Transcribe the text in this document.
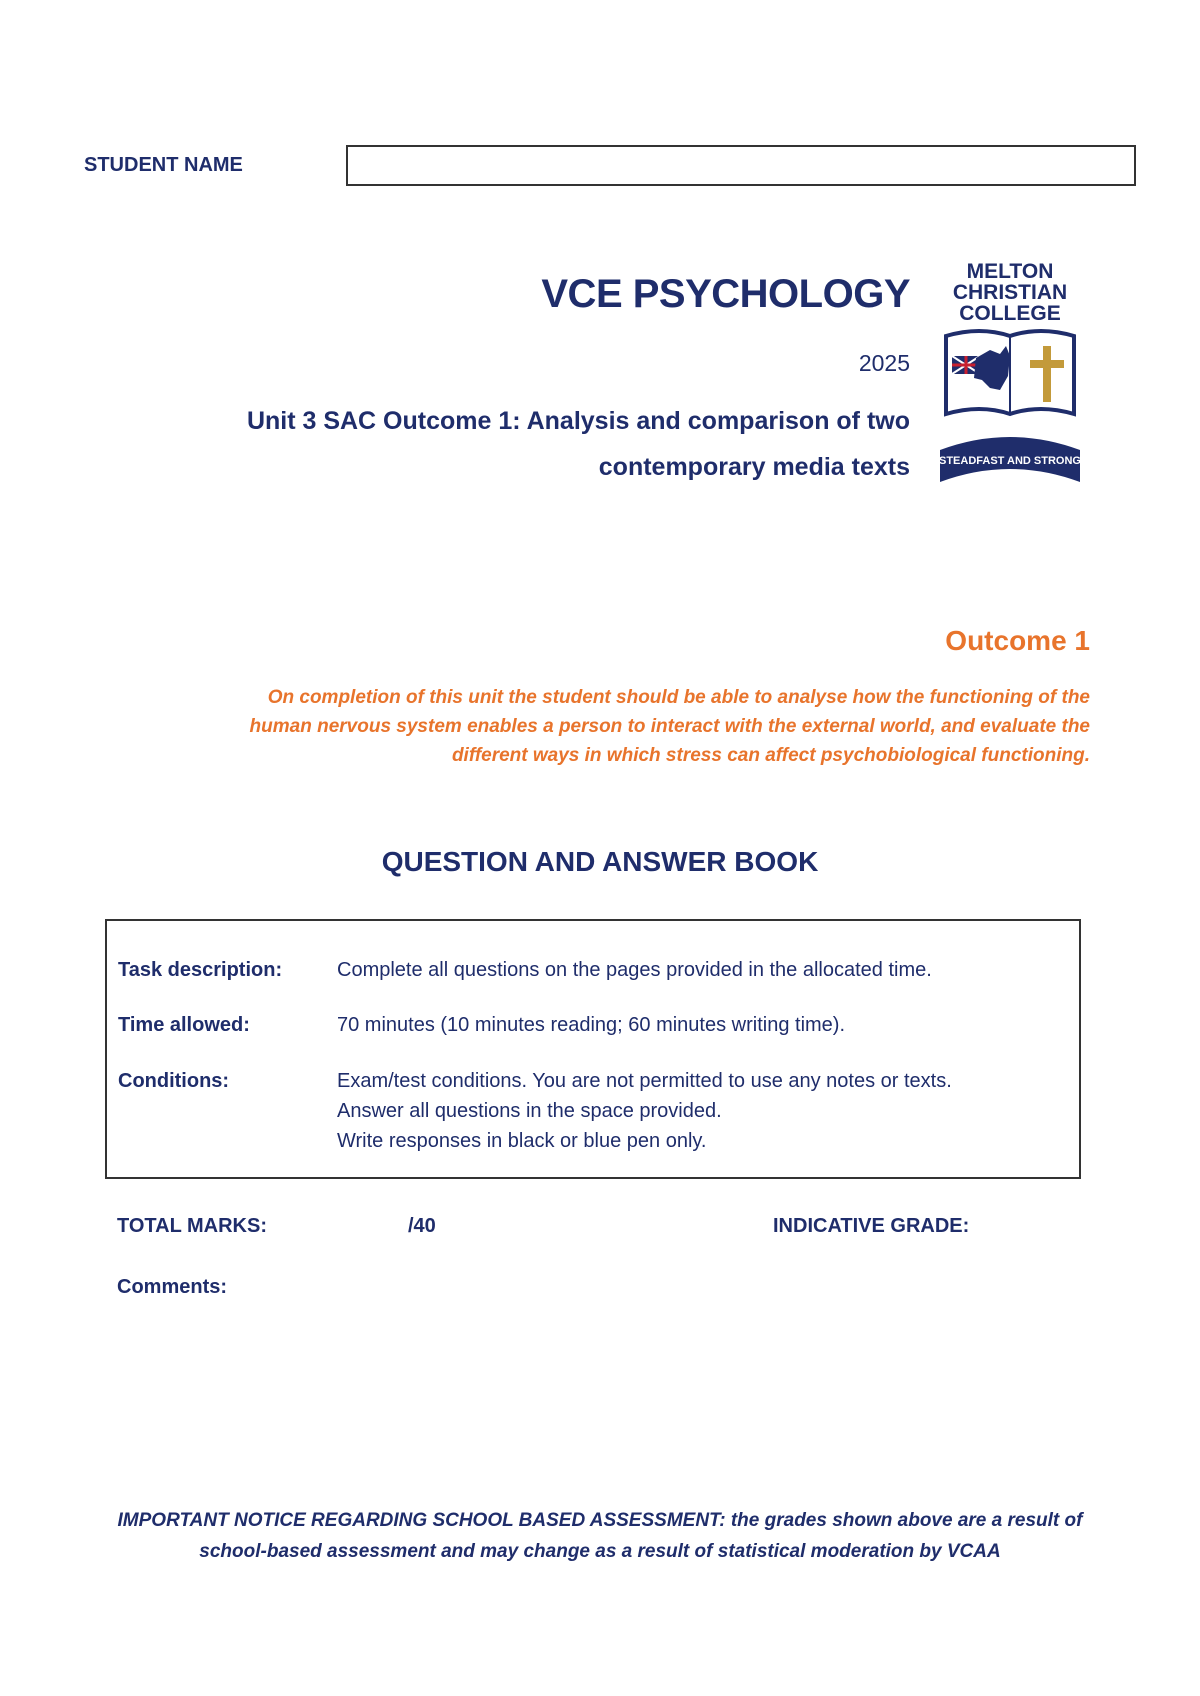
STUDENT NAME
VCE PSYCHOLOGY
2025
Unit 3 SAC Outcome 1: Analysis and comparison of two
contemporary media texts
MELTON
CHRISTIAN
COLLEGE
STEADFAST AND STRONG
Outcome 1
On completion of this unit the student should be able to analyse how the functioning of the
human nervous system enables a person to interact with the external world, and evaluate the
different ways in which stress can affect psychobiological functioning.
QUESTION AND ANSWER BOOK
Task description:	Complete all questions on the pages provided in the allocated time.
Time allowed:	70 minutes (10 minutes reading; 60 minutes writing time).
Conditions:	Exam/test conditions. You are not permitted to use any notes or texts.
Answer all questions in the space provided.
Write responses in black or blue pen only.
TOTAL MARKS:	/40	INDICATIVE GRADE:
Comments:
IMPORTANT NOTICE REGARDING SCHOOL BASED ASSESSMENT: the grades shown above are a result of
school-based assessment and may change as a result of statistical moderation by VCAA
